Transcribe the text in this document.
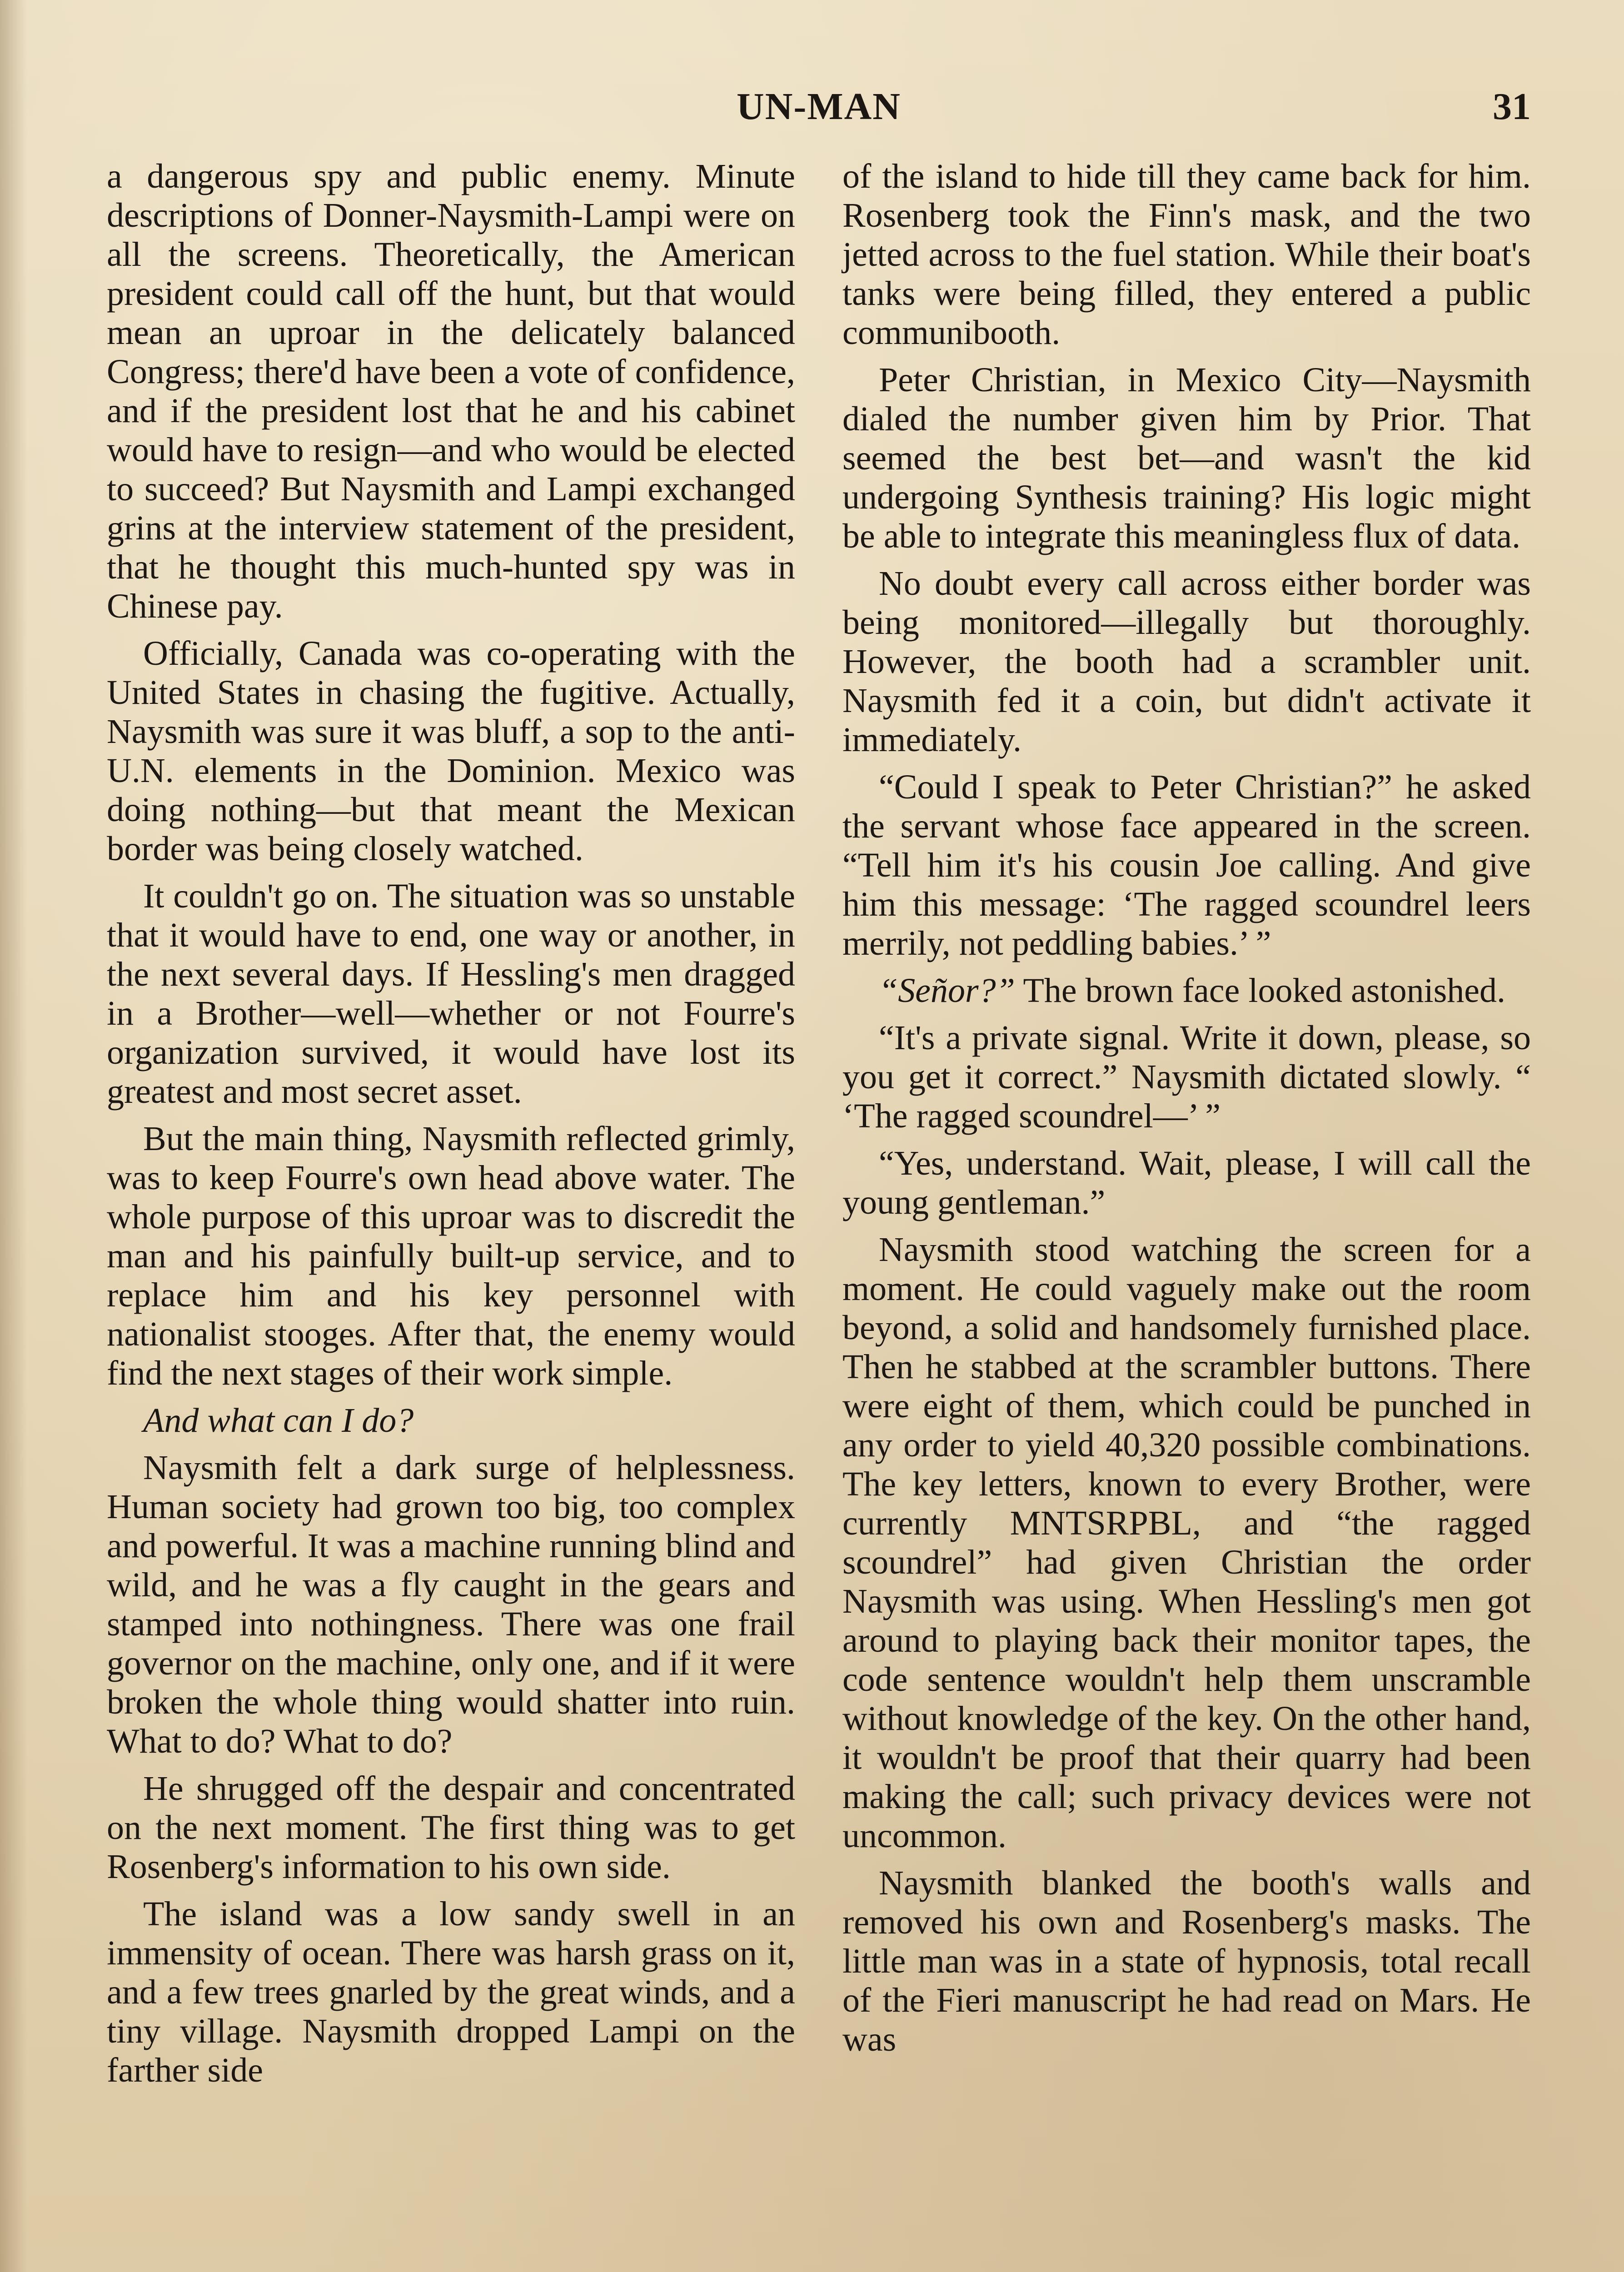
UN-MAN	31

a dangerous spy and public enemy. Minute descriptions of Donner-Naysmith-Lampi were on all the screens. Theoretically, the American president could call off the hunt, but that would mean an uproar in the delicately balanced Congress; there'd have been a vote of confidence, and if the president lost that he and his cabinet would have to resign—and who would be elected to succeed? But Naysmith and Lampi exchanged grins at the interview statement of the president, that he thought this much-hunted spy was in Chinese pay.

Officially, Canada was co-operating with the United States in chasing the fugitive. Actually, Naysmith was sure it was bluff, a sop to the anti-U.N. elements in the Dominion. Mexico was doing nothing—but that meant the Mexican border was being closely watched.

It couldn't go on. The situation was so unstable that it would have to end, one way or another, in the next several days. If Hessling's men dragged in a Brother—well—whether or not Fourre's organization survived, it would have lost its greatest and most secret asset.

But the main thing, Naysmith reflected grimly, was to keep Fourre's own head above water. The whole purpose of this uproar was to discredit the man and his painfully built-up service, and to replace him and his key personnel with nationalist stooges. After that, the enemy would find the next stages of their work simple.

And what can I do?

Naysmith felt a dark surge of helplessness. Human society had grown too big, too complex and powerful. It was a machine running blind and wild, and he was a fly caught in the gears and stamped into nothingness. There was one frail governor on the machine, only one, and if it were broken the whole thing would shatter into ruin. What to do? What to do?

He shrugged off the despair and concentrated on the next moment. The first thing was to get Rosenberg's information to his own side.

The island was a low sandy swell in an immensity of ocean. There was harsh grass on it, and a few trees gnarled by the great winds, and a tiny village. Naysmith dropped Lampi on the farther side

of the island to hide till they came back for him. Rosenberg took the Finn's mask, and the two jetted across to the fuel station. While their boat's tanks were being filled, they entered a public communibooth.

Peter Christian, in Mexico City—Naysmith dialed the number given him by Prior. That seemed the best bet—and wasn't the kid undergoing Synthesis training? His logic might be able to integrate this meaningless flux of data.

No doubt every call across either border was being monitored—illegally but thoroughly. However, the booth had a scrambler unit. Naysmith fed it a coin, but didn't activate it immediately.

“Could I speak to Peter Christian?” he asked the servant whose face appeared in the screen. “Tell him it's his cousin Joe calling. And give him this message: ‘The ragged scoundrel leers merrily, not peddling babies.’ ”

“Señor?” The brown face looked astonished.

“It's a private signal. Write it down, please, so you get it correct.” Naysmith dictated slowly. “ ‘The ragged scoundrel—’ ”

“Yes, understand. Wait, please, I will call the young gentleman.”

Naysmith stood watching the screen for a moment. He could vaguely make out the room beyond, a solid and handsomely furnished place. Then he stabbed at the scrambler buttons. There were eight of them, which could be punched in any order to yield 40,320 possible combinations. The key letters, known to every Brother, were currently MNTSRPBL, and “the ragged scoundrel” had given Christian the order Naysmith was using. When Hessling's men got around to playing back their monitor tapes, the code sentence wouldn't help them unscramble without knowledge of the key. On the other hand, it wouldn't be proof that their quarry had been making the call; such privacy devices were not uncommon.

Naysmith blanked the booth's walls and removed his own and Rosenberg's masks. The little man was in a state of hypnosis, total recall of the Fieri manuscript he had read on Mars. He was
